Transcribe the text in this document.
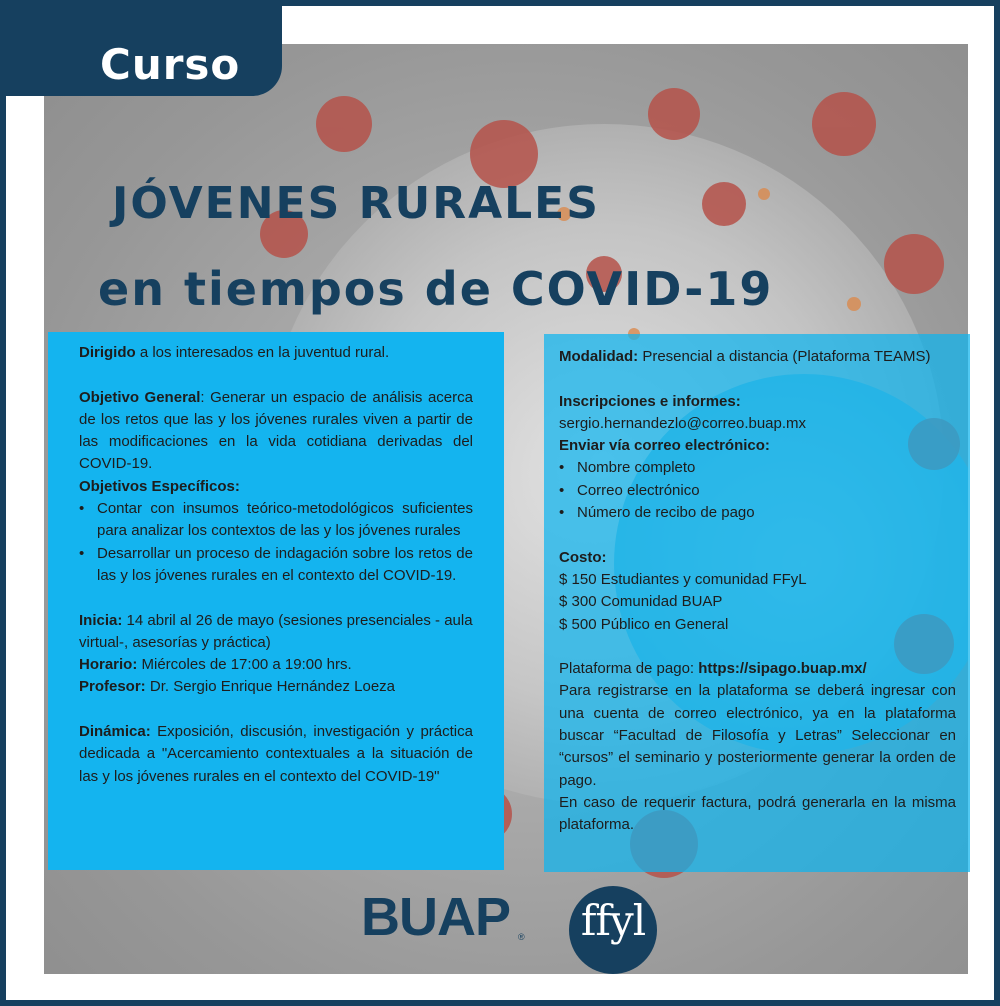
Curso
JÓVENES RURALES
en tiempos de COVID-19

Dirigido a los interesados en la juventud rural.

Objetivo General: Generar un espacio de análisis acerca de los retos que las y los jóvenes rurales viven a partir de las modificaciones en la vida cotidiana derivadas del COVID-19.

Objetivos Específicos:

• Contar con insumos teórico-metodológicos suficientes para analizar los contextos de las y los jóvenes rurales
• Desarrollar un proceso de indagación sobre los retos de las y los jóvenes rurales en el contexto del COVID-19.

Inicia: 14 abril al 26 de mayo (sesiones presenciales - aula virtual-, asesorías y práctica)

Horario: Miércoles de 17:00 a 19:00 hrs.

Profesor: Dr. Sergio Enrique Hernández Loeza

Dinámica: Exposición, discusión, investigación y práctica dedicada a "Acercamiento contextuales a la situación de las y los jóvenes rurales en el contexto del COVID-19"

Modalidad: Presencial a distancia (Plataforma TEAMS)

Inscripciones e informes:

sergio.hernandezlo@correo.buap.mx

Enviar vía correo electrónico:

• Nombre completo
• Correo electrónico
• Número de recibo de pago

Costo:

$ 150 Estudiantes y comunidad FFyL

$ 300 Comunidad BUAP

$ 500 Público en General

Plataforma de pago: https://sipago.buap.mx/

Para registrarse en la plataforma se deberá ingresar con una cuenta de correo electrónico, ya en la plataforma buscar “Facultad de Filosofía y Letras” Seleccionar en “cursos” el seminario y posteriormente generar la orden de pago.

En caso de requerir factura, podrá generarla en la misma plataforma.

BUAP ® ffyl
